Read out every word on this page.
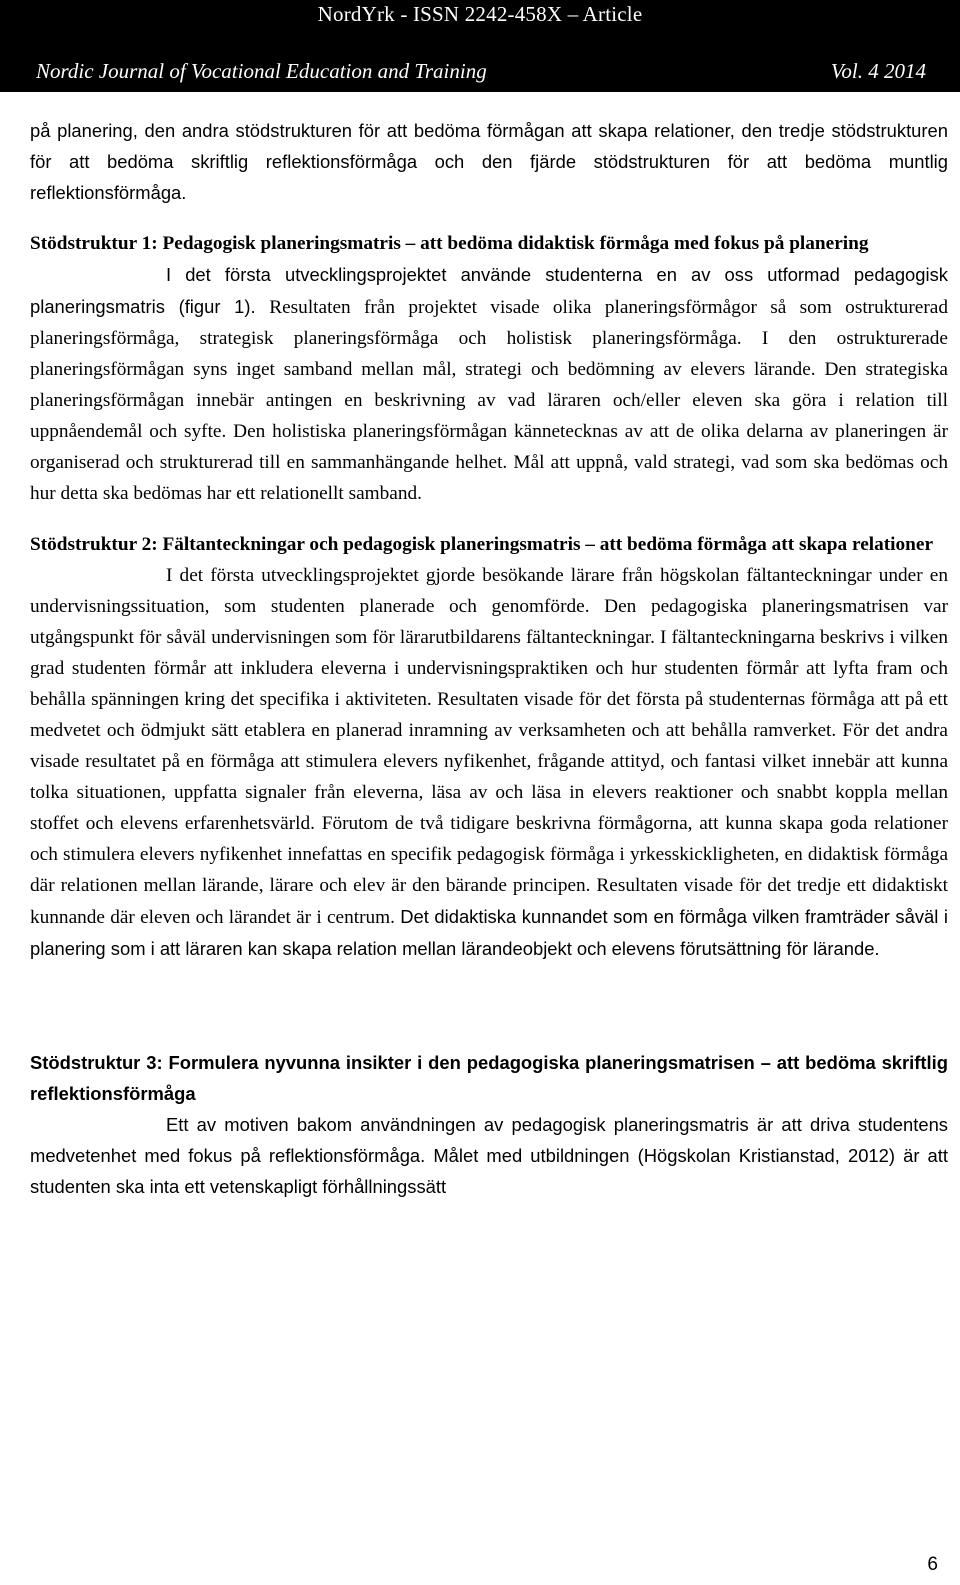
NordYrk - ISSN 2242-458X – Article
Nordic Journal of Vocational Education and Training	Vol. 4 2014

på planering, den andra stödstrukturen för att bedöma förmågan att skapa relationer, den tredje stödstrukturen för att bedöma skriftlig reflektionsförmåga och den fjärde stödstrukturen för att bedöma muntlig reflektionsförmåga.

Stödstruktur 1: Pedagogisk planeringsmatris – att bedöma didaktisk förmåga med fokus på planering

I det första utvecklingsprojektet använde studenterna en av oss utformad pedagogisk planeringsmatris (figur 1). Resultaten från projektet visade olika planeringsförmågor så som ostrukturerad planeringsförmåga, strategisk planeringsförmåga och holistisk planeringsförmåga. I den ostrukturerade planeringsförmågan syns inget samband mellan mål, strategi och bedömning av elevers lärande. Den strategiska planeringsförmågan innebär antingen en beskrivning av vad läraren och/eller eleven ska göra i relation till uppnåendemål och syfte. Den holistiska planeringsförmågan kännetecknas av att de olika delarna av planeringen är organiserad och strukturerad till en sammanhängande helhet. Mål att uppnå, vald strategi, vad som ska bedömas och hur detta ska bedömas har ett relationellt samband.

Stödstruktur 2: Fältanteckningar och pedagogisk planeringsmatris – att bedöma förmåga att skapa relationer

I det första utvecklingsprojektet gjorde besökande lärare från högskolan fältanteckningar under en undervisningssituation, som studenten planerade och genomförde. Den pedagogiska planeringsmatrisen var utgångspunkt för såväl undervisningen som för lärarutbildarens fältanteckningar. I fältanteckningarna beskrivs i vilken grad studenten förmår att inkludera eleverna i undervisningspraktiken och hur studenten förmår att lyfta fram och behålla spänningen kring det specifika i aktiviteten. Resultaten visade för det första på studenternas förmåga att på ett medvetet och ödmjukt sätt etablera en planerad inramning av verksamheten och att behålla ramverket. För det andra visade resultatet på en förmåga att stimulera elevers nyfikenhet, frågande attityd, och fantasi vilket innebär att kunna tolka situationen, uppfatta signaler från eleverna, läsa av och läsa in elevers reaktioner och snabbt koppla mellan stoffet och elevens erfarenhetsvärld. Förutom de två tidigare beskrivna förmågorna, att kunna skapa goda relationer och stimulera elevers nyfikenhet innefattas en specifik pedagogisk förmåga i yrkesskickligheten, en didaktisk förmåga där relationen mellan lärande, lärare och elev är den bärande principen. Resultaten visade för det tredje ett didaktiskt kunnande där eleven och lärandet är i centrum. Det didaktiska kunnandet som en förmåga vilken framträder såväl i planering som i att läraren kan skapa relation mellan lärandeobjekt och elevens förutsättning för lärande.

Stödstruktur 3: Formulera nyvunna insikter i den pedagogiska planeringsmatrisen – att bedöma skriftlig reflektionsförmåga

Ett av motiven bakom användningen av pedagogisk planeringsmatris är att driva studentens medvetenhet med fokus på reflektionsförmåga. Målet med utbildningen (Högskolan Kristianstad, 2012) är att studenten ska inta ett vetenskapligt förhållningssätt

6
